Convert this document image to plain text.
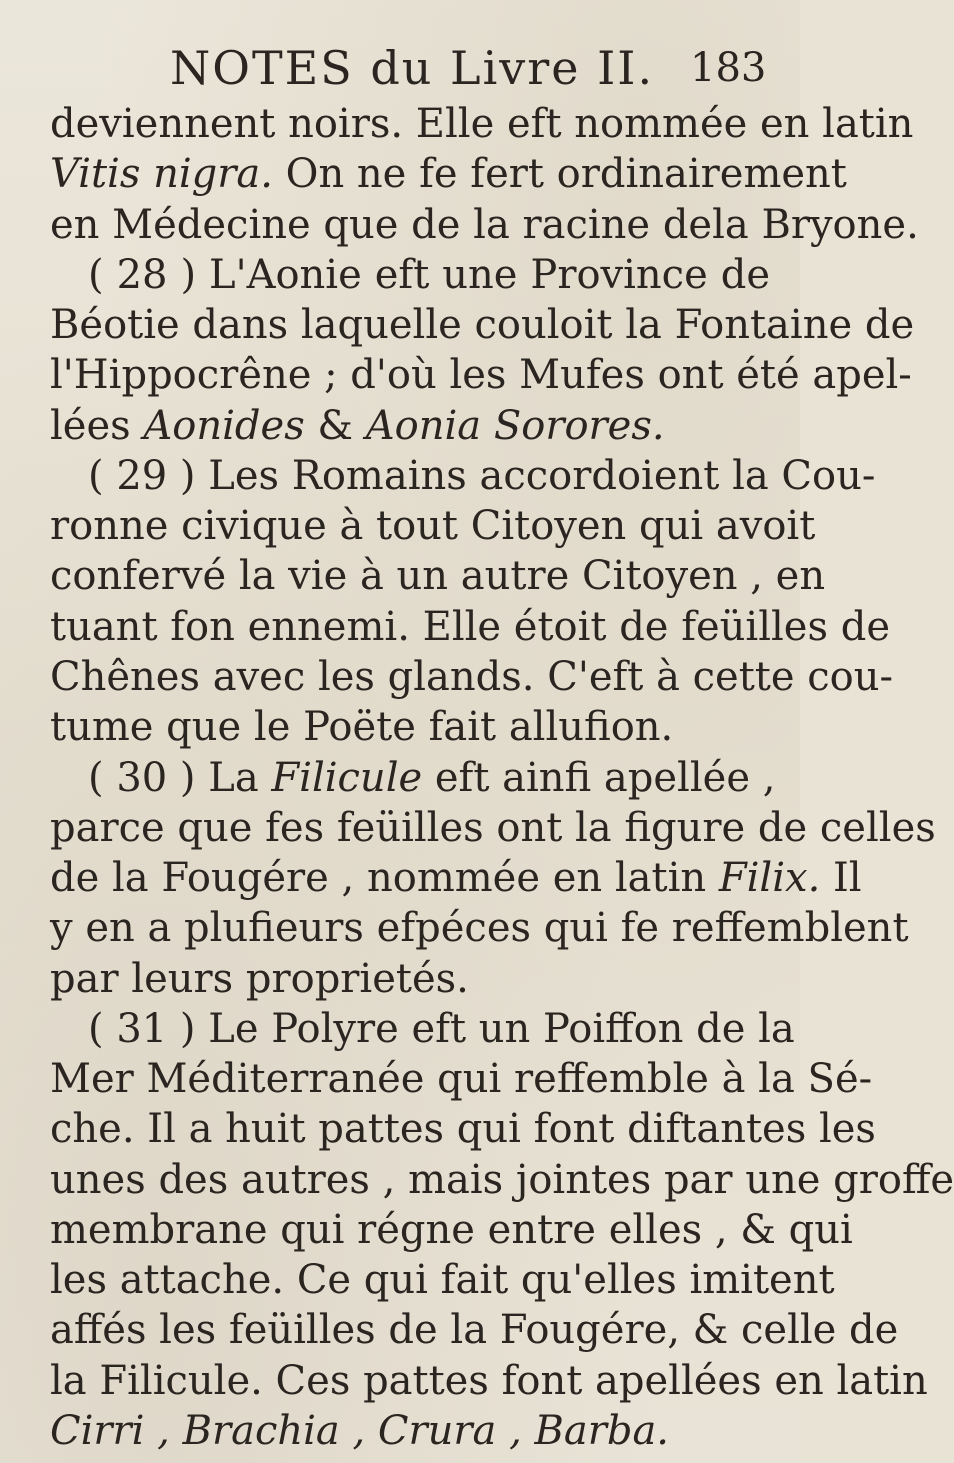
NOTES du Livre II. 183
deviennent noirs. Elle eft nommée en latin
Vitis nigra. On ne fe fert ordinairement
en Médecine que de la racine dela Bryone.
( 28 ) L'Aonie eft une Province de
Béotie dans laquelle couloit la Fontaine de
l'Hippocrêne ; d'où les Mufes ont été apel-
lées Aonides & Aonia Sorores.
( 29 ) Les Romains accordoient la Cou-
ronne civique à tout Citoyen qui avoit
confervé la vie à un autre Citoyen , en
tuant fon ennemi. Elle étoit de feüilles de
Chênes avec les glands. C'eft à cette cou-
tume que le Poëte fait allufion.
( 30 ) La Filicule eft ainfi apellée ,
parce que fes feüilles ont la figure de celles
de la Fougére , nommée en latin Filix. Il
y en a plufieurs efpéces qui fe reffemblent
par leurs proprietés.
( 31 ) Le Polyre eft un Poiffon de la
Mer Méditerranée qui reffemble à la Sé-
che. Il a huit pattes qui font diftantes les
unes des autres , mais jointes par une groffe
membrane qui régne entre elles , & qui
les attache. Ce qui fait qu'elles imitent
affés les feüilles de la Fougére, & celle de
la Filicule. Ces pattes font apellées en latin
Cirri , Brachia , Crura , Barba.
